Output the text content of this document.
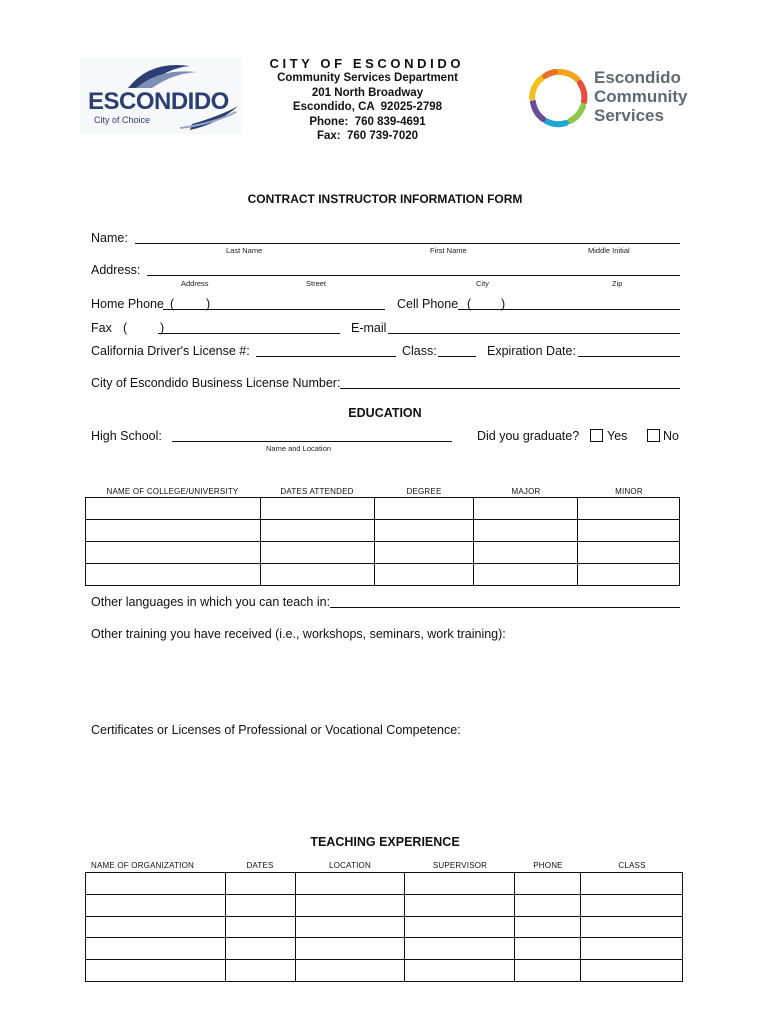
ESCONDIDO
City of Choice
C I T Y   O F   E S C O N D I D O
Community Services Department
201 North Broadway
Escondido, CA  92025-2798
Phone:  760 839-4691
Fax:  760 739-7020
Escondido
Community
Services
CONTRACT INSTRUCTOR INFORMATION FORM
Name:
Last Name	First Name	Middle Initial
Address:
Address	Street	City	Zip
Home Phone (	)	Cell Phone ( )
Fax (	)	E-mail
California Driver's License #:	Class:	Expiration Date:
City of Escondido Business License Number:
EDUCATION
High School:
Name and Location
Did you graduate? Yes	No
NAME OF COLLEGE/UNIVERSITY	DATES ATTENDED	DEGREE	MAJOR	MINOR

Other languages in which you can teach in:
Other training you have received (i.e., workshops, seminars, work training):
Certificates or Licenses of Professional or Vocational Competence:
TEACHING EXPERIENCE
NAME OF ORGANIZATION	DATES	LOCATION	SUPERVISOR	PHONE	CLASS
